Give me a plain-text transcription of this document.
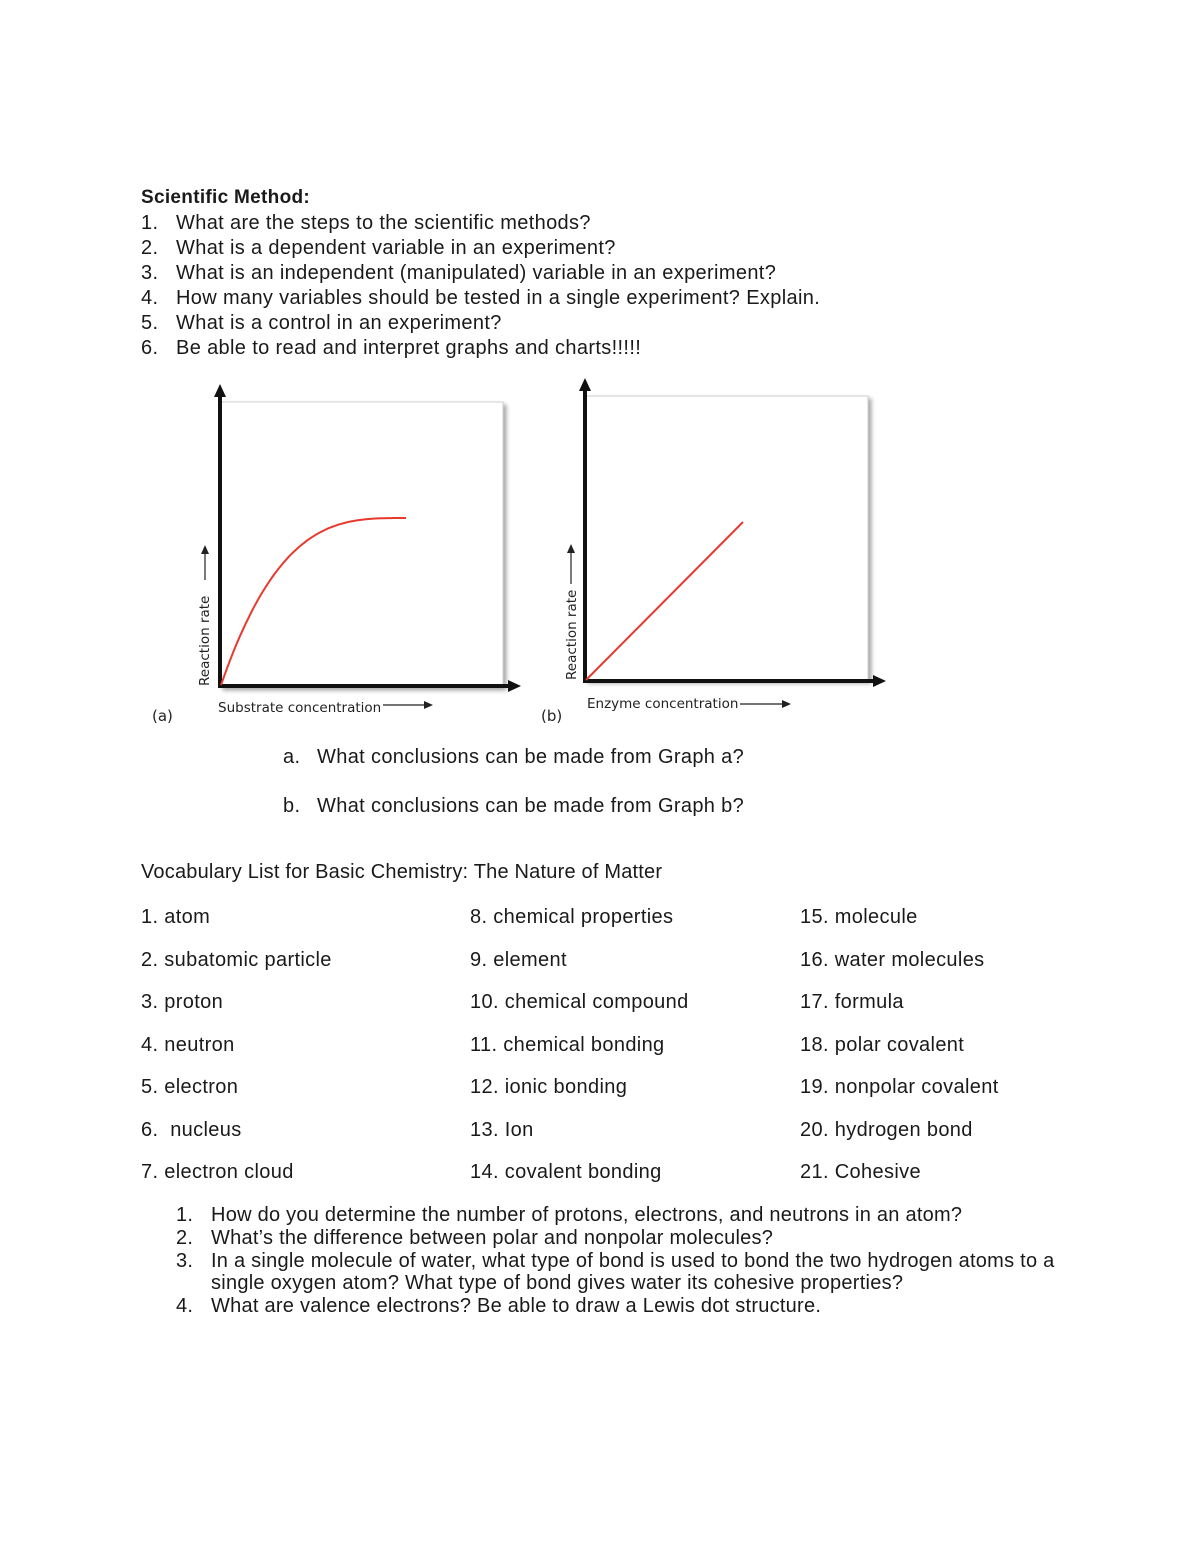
Scientific Method:
1. What are the steps to the scientific methods?
2. What is a dependent variable in an experiment?
3. What is an independent (manipulated) variable in an experiment?
4. How many variables should be tested in a single experiment? Explain.
5. What is a control in an experiment?
6. Be able to read and interpret graphs and charts!!!!!
Reaction rate
Substrate concentration
(a)
Reaction rate
Enzyme concentration
(b)
a. What conclusions can be made from Graph a?
b. What conclusions can be made from Graph b?
Vocabulary List for Basic Chemistry: The Nature of Matter
1. atom	8. chemical properties	15. molecule
2. subatomic particle	9. element	16. water molecules
3. proton	10. chemical compound	17. formula
4. neutron	11. chemical bonding	18. polar covalent
5. electron	12. ionic bonding	19. nonpolar covalent
6.  nucleus	13. Ion	20. hydrogen bond
7. electron cloud	14. covalent bonding	21. Cohesive
1. How do you determine the number of protons, electrons, and neutrons in an atom?
2. What’s the difference between polar and nonpolar molecules?
3. In a single molecule of water, what type of bond is used to bond the two hydrogen atoms to a single oxygen atom? What type of bond gives water its cohesive properties?
4. What are valence electrons? Be able to draw a Lewis dot structure.
